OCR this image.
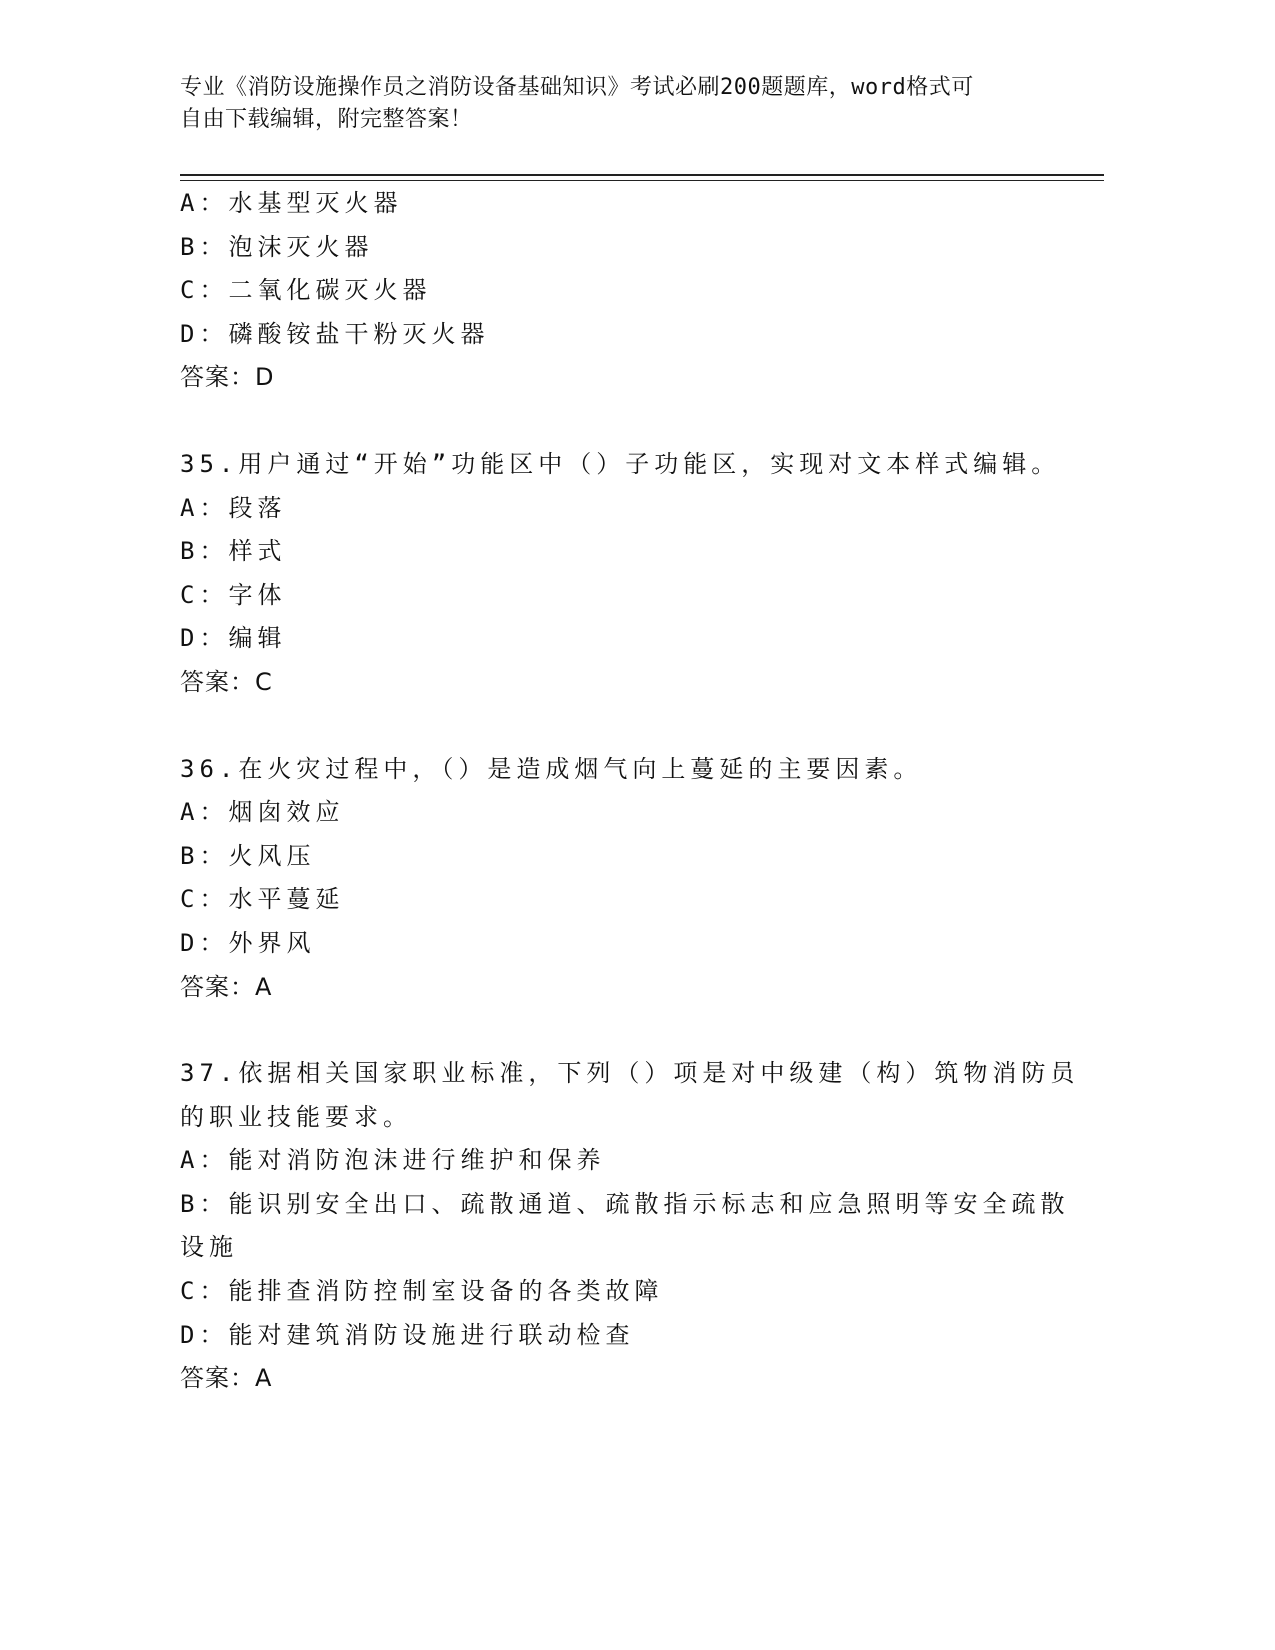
专业《消防设施操作员之消防设备基础知识》考试必刷200题题库，word格式可
自由下载编辑，附完整答案！
A：水基型灭火器
B：泡沫灭火器
C：二氧化碳灭火器
D：磷酸铵盐干粉灭火器
答案：D
35.用户通过“开始”功能区中（）子功能区，实现对文本样式编辑。
A：段落
B：样式
C：字体
D：编辑
答案：C
36.在火灾过程中，（）是造成烟气向上蔓延的主要因素。
A：烟囱效应
B：火风压
C：水平蔓延
D：外界风
答案：A
37.依据相关国家职业标准，下列（）项是对中级建（构）筑物消防员
的职业技能要求。
A：能对消防泡沫进行维护和保养
B：能识别安全出口、疏散通道、疏散指示标志和应急照明等安全疏散
设施
C：能排查消防控制室设备的各类故障
D：能对建筑消防设施进行联动检查
答案：A
